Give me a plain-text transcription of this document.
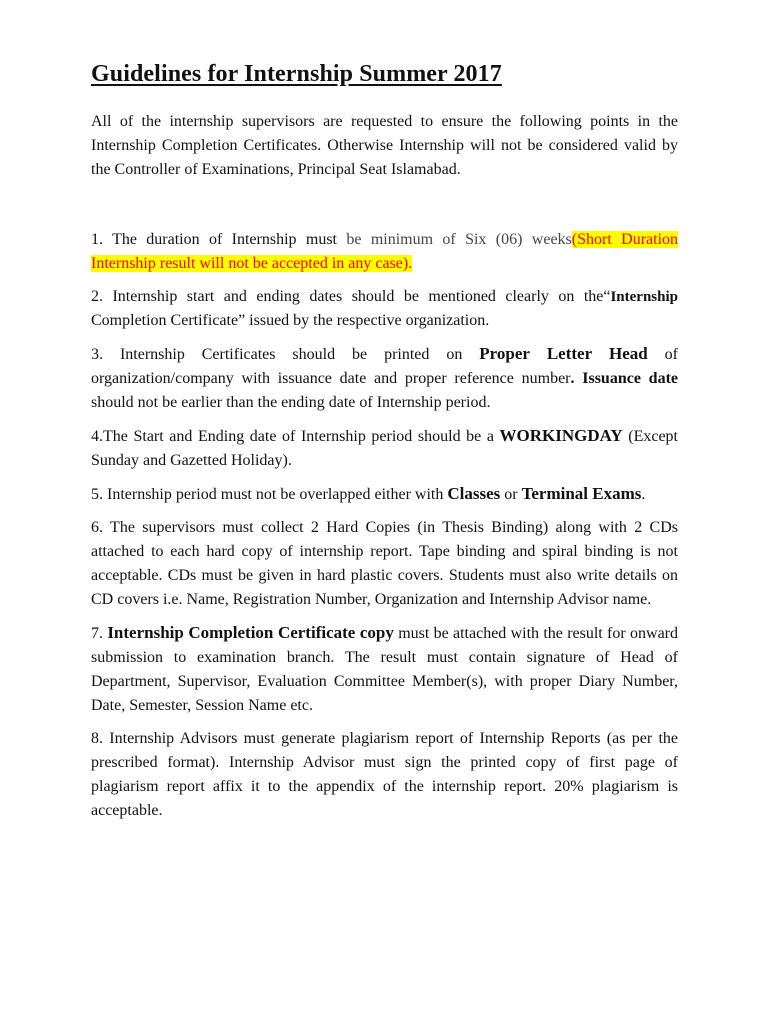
Guidelines for Internship Summer 2017

All of the internship supervisors are requested to ensure the following points in the Internship Completion Certificates. Otherwise Internship will not be considered valid by the Controller of Examinations, Principal Seat Islamabad.

1. The duration of Internship must be minimum of Six (06) weeks(Short Duration Internship result will not be accepted in any case).

2. Internship start and ending dates should be mentioned clearly on the“Internship Completion Certificate” issued by the respective organization.

3. Internship Certificates should be printed on Proper Letter Head of organization/company with issuance date and proper reference number. Issuance date should not be earlier than the ending date of Internship period.

4.The Start and Ending date of Internship period should be a WORKINGDAY (Except Sunday and Gazetted Holiday).

5. Internship period must not be overlapped either with Classes or Terminal Exams.

6. The supervisors must collect 2 Hard Copies (in Thesis Binding) along with 2 CDs attached to each hard copy of internship report. Tape binding and spiral binding is not acceptable. CDs must be given in hard plastic covers. Students must also write details on CD covers i.e. Name, Registration Number, Organization and Internship Advisor name.

7. Internship Completion Certificate copy must be attached with the result for onward submission to examination branch. The result must contain signature of Head of Department, Supervisor, Evaluation Committee Member(s), with proper Diary Number, Date, Semester, Session Name etc.

8. Internship Advisors must generate plagiarism report of Internship Reports (as per the prescribed format). Internship Advisor must sign the printed copy of first page of plagiarism report affix it to the appendix of the internship report. 20% plagiarism is acceptable.
